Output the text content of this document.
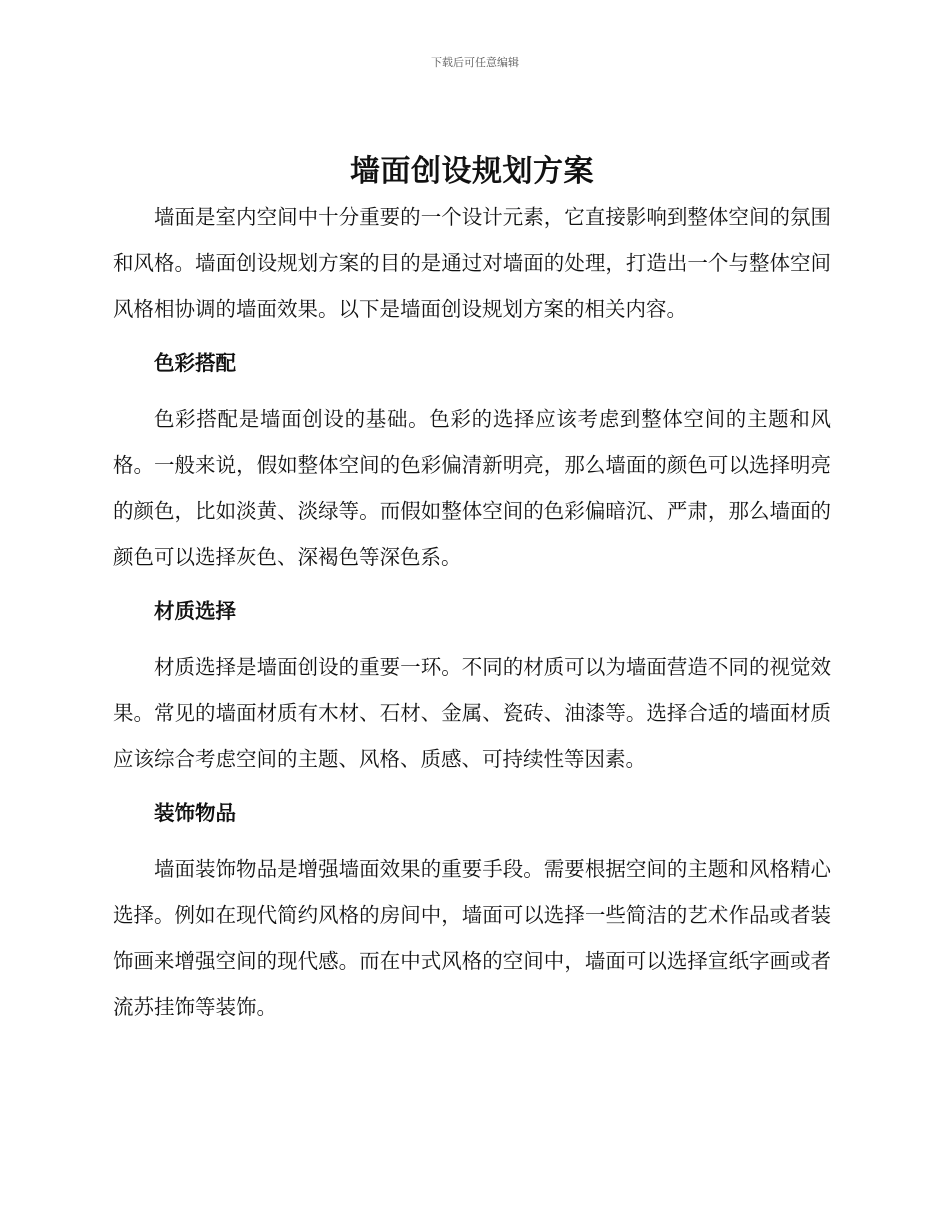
下载后可任意编辑
墙面创设规划方案

墙面是室内空间中十分重要的一个设计元素，它直接影响到整体空间的氛围和风格。墙面创设规划方案的目的是通过对墙面的处理，打造出一个与整体空间风格相协调的墙面效果。以下是墙面创设规划方案的相关内容。

色彩搭配

色彩搭配是墙面创设的基础。色彩的选择应该考虑到整体空间的主题和风格。一般来说，假如整体空间的色彩偏清新明亮，那么墙面的颜色可以选择明亮的颜色，比如淡黄、淡绿等。而假如整体空间的色彩偏暗沉、严肃，那么墙面的颜色可以选择灰色、深褐色等深色系。

材质选择

材质选择是墙面创设的重要一环。不同的材质可以为墙面营造不同的视觉效果。常见的墙面材质有木材、石材、金属、瓷砖、油漆等。选择合适的墙面材质应该综合考虑空间的主题、风格、质感、可持续性等因素。

装饰物品

墙面装饰物品是增强墙面效果的重要手段。需要根据空间的主题和风格精心选择。例如在现代简约风格的房间中，墙面可以选择一些简洁的艺术作品或者装饰画来增强空间的现代感。而在中式风格的空间中，墙面可以选择宣纸字画或者流苏挂饰等装饰。
